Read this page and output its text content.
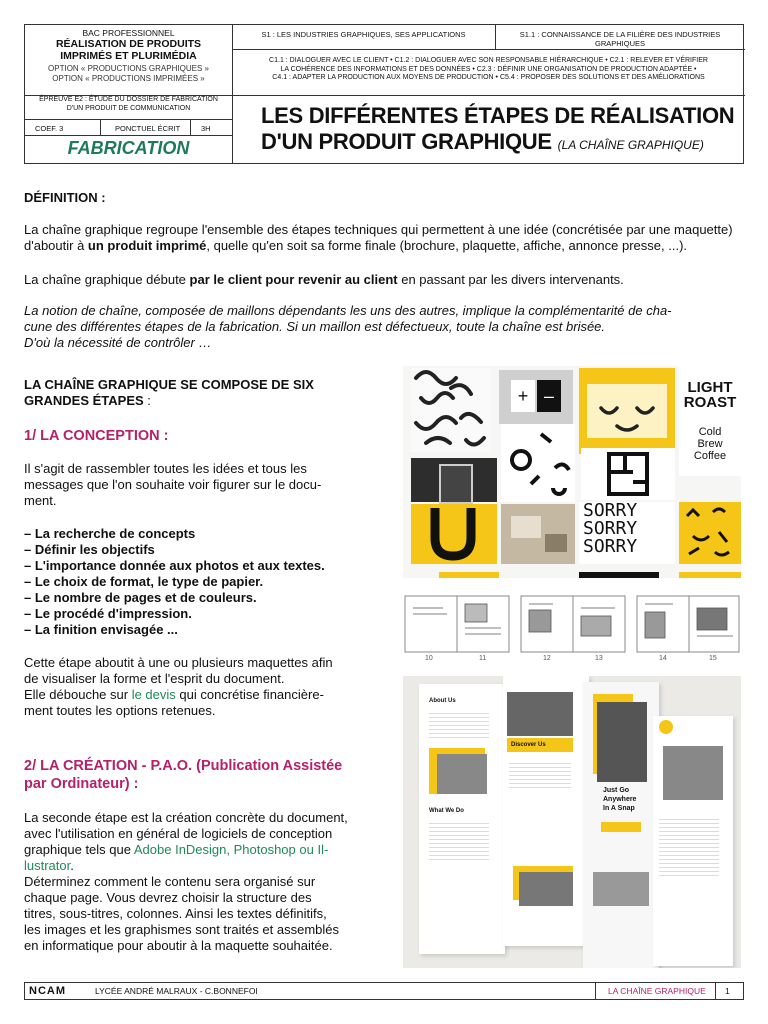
BAC PROFESSIONNEL
RÉALISATION DE PRODUITS
IMPRIMÉS ET PLURIMÉDIA
OPTION « PRODUCTIONS GRAPHIQUES »
OPTION « PRODUCTIONS IMPRIMÉES »
ÉPREUVE E2 : ÉTUDE DU DOSSIER DE FABRICATION
D'UN PRODUIT DE COMMUNICATION
COEF. 3	PONCTUEL ÉCRIT	3H
FABRICATION
S1 : LES INDUSTRIES GRAPHIQUES, SES APPLICATIONS	S1.1 : CONNAISSANCE DE LA FILIÈRE DES INDUSTRIES GRAPHIQUES
C1.1 : DIALOGUER AVEC LE CLIENT • C1.2 : DIALOGUER AVEC SON RESPONSABLE HIÉRARCHIQUE • C2.1 : RELEVER ET VÉRIFIER
LA COHÉRENCE DES INFORMATIONS ET DES DONNÉES • C2.3 : DÉFINIR UNE ORGANISATION DE PRODUCTION ADAPTÉE •
C4.1 : ADAPTER LA PRODUCTION AUX MOYENS DE PRODUCTION • C5.4 : PROPOSER DES SOLUTIONS ET DES AMÉLIORATIONS
LES DIFFÉRENTES ÉTAPES DE RÉALISATION
D'UN PRODUIT GRAPHIQUE (LA CHAÎNE GRAPHIQUE)
DÉFINITION :
La chaîne graphique regroupe l'ensemble des étapes techniques qui permettent à une idée (concrétisée par une maquette) d'aboutir à un produit imprimé, quelle qu'en soit sa forme finale (brochure, plaquette, affiche, annonce presse, ...).
La chaîne graphique débute par le client pour revenir au client en passant par les divers intervenants.
La notion de chaîne, composée de maillons dépendants les uns des autres, implique la complémentarité de cha-
cune des différentes étapes de la fabrication. Si un maillon est défectueux, toute la chaîne est brisée.
D'où la nécessité de contrôler …
LA CHAÎNE GRAPHIQUE SE COMPOSE DE SIX
GRANDES ÉTAPES :
1/ LA CONCEPTION :
Il s'agit de rassembler toutes les idées et tous les
messages que l'on souhaite voir figurer sur le docu-
ment.
– La recherche de concepts
– Définir les objectifs
– L'importance donnée aux photos et aux textes.
– Le choix de format, le type de papier.
– Le nombre de pages et de couleurs.
– Le procédé d'impression.
– La finition envisagée ...
Cette étape aboutit à une ou plusieurs maquettes afin
de visualiser la forme et l'esprit du document.
Elle débouche sur le devis qui concrétise financière-
ment toutes les options retenues.
2/ LA CRÉATION - P.A.O. (Publication Assistée
par Ordinateur) :
La seconde étape est la création concrète du document,
avec l'utilisation en général de logiciels de conception
graphique tels que Adobe InDesign, Photoshop ou Il-
lustrator.
Déterminez comment le contenu sera organisé sur
chaque page. Vous devrez choisir la structure des
titres, sous-titres, colonnes. Ainsi les textes définitifs,
les images et les graphismes sont traités et assemblés
en informatique pour aboutir à la maquette souhaitée.
+ –	LIGHT
ROAST
Cold
Brew
Coffee
SORRY
SORRY
SORRY
10	11	12	13	14	15
About Us
What We Do
Discover Us
Just Go
Anywhere
In A Snap
NCAM	LYCÉE ANDRÉ MALRAUX - C.BONNEFOI	LA CHAÎNE GRAPHIQUE 1
